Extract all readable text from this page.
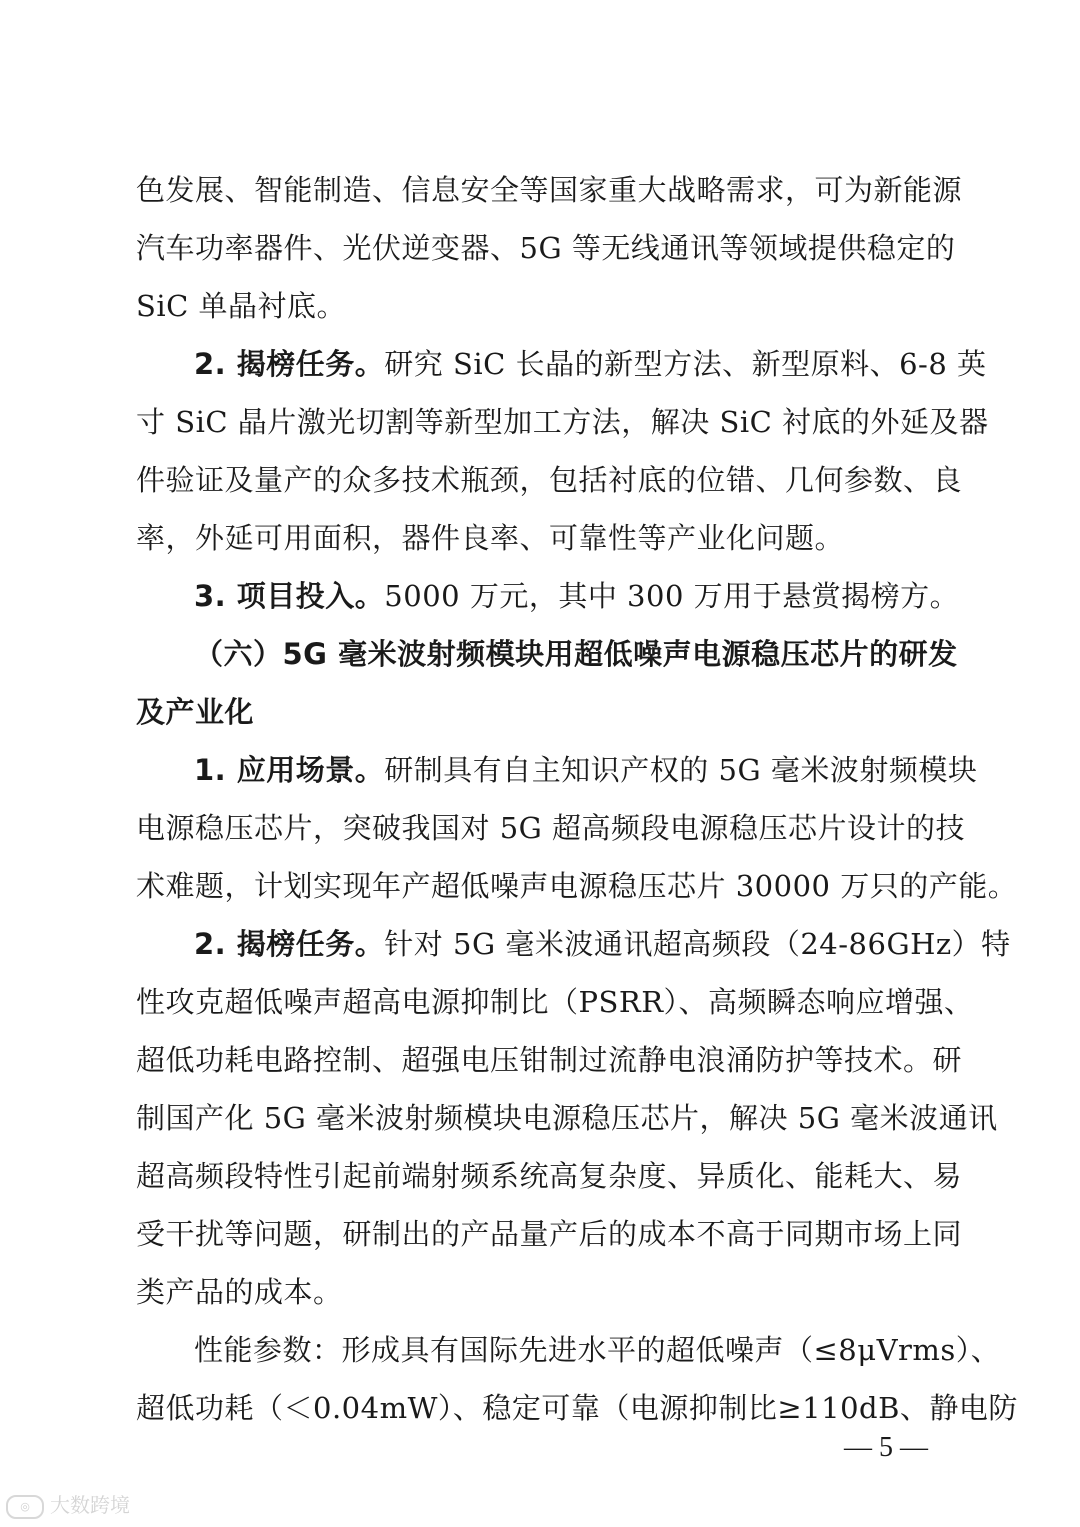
色发展、智能制造、信息安全等国家重大战略需求，可为新能源
汽车功率器件、光伏逆变器、5G 等无线通讯等领域提供稳定的
SiC 单晶衬底。
2. 揭榜任务。研究 SiC 长晶的新型方法、新型原料、6-8 英
寸 SiC 晶片激光切割等新型加工方法，解决 SiC 衬底的外延及器
件验证及量产的众多技术瓶颈，包括衬底的位错、几何参数、良
率，外延可用面积，器件良率、可靠性等产业化问题。
3. 项目投入。5000 万元，其中 300 万用于悬赏揭榜方。
（六）5G 毫米波射频模块用超低噪声电源稳压芯片的研发
及产业化
1. 应用场景。研制具有自主知识产权的 5G 毫米波射频模块
电源稳压芯片，突破我国对 5G 超高频段电源稳压芯片设计的技
术难题，计划实现年产超低噪声电源稳压芯片 30000 万只的产能。
2. 揭榜任务。针对 5G 毫米波通讯超高频段（24-86GHz）特
性攻克超低噪声超高电源抑制比（PSRR）、高频瞬态响应增强、
超低功耗电路控制、超强电压钳制过流静电浪涌防护等技术。研
制国产化 5G 毫米波射频模块电源稳压芯片，解决 5G 毫米波通讯
超高频段特性引起前端射频系统高复杂度、异质化、能耗大、易
受干扰等问题，研制出的产品量产后的成本不高于同期市场上同
类产品的成本。
性能参数：形成具有国际先进水平的超低噪声（≤8μVrms）、
超低功耗（＜0.04mW）、稳定可靠（电源抑制比≥110dB、静电防
— 5 —
◎ 大数跨境
